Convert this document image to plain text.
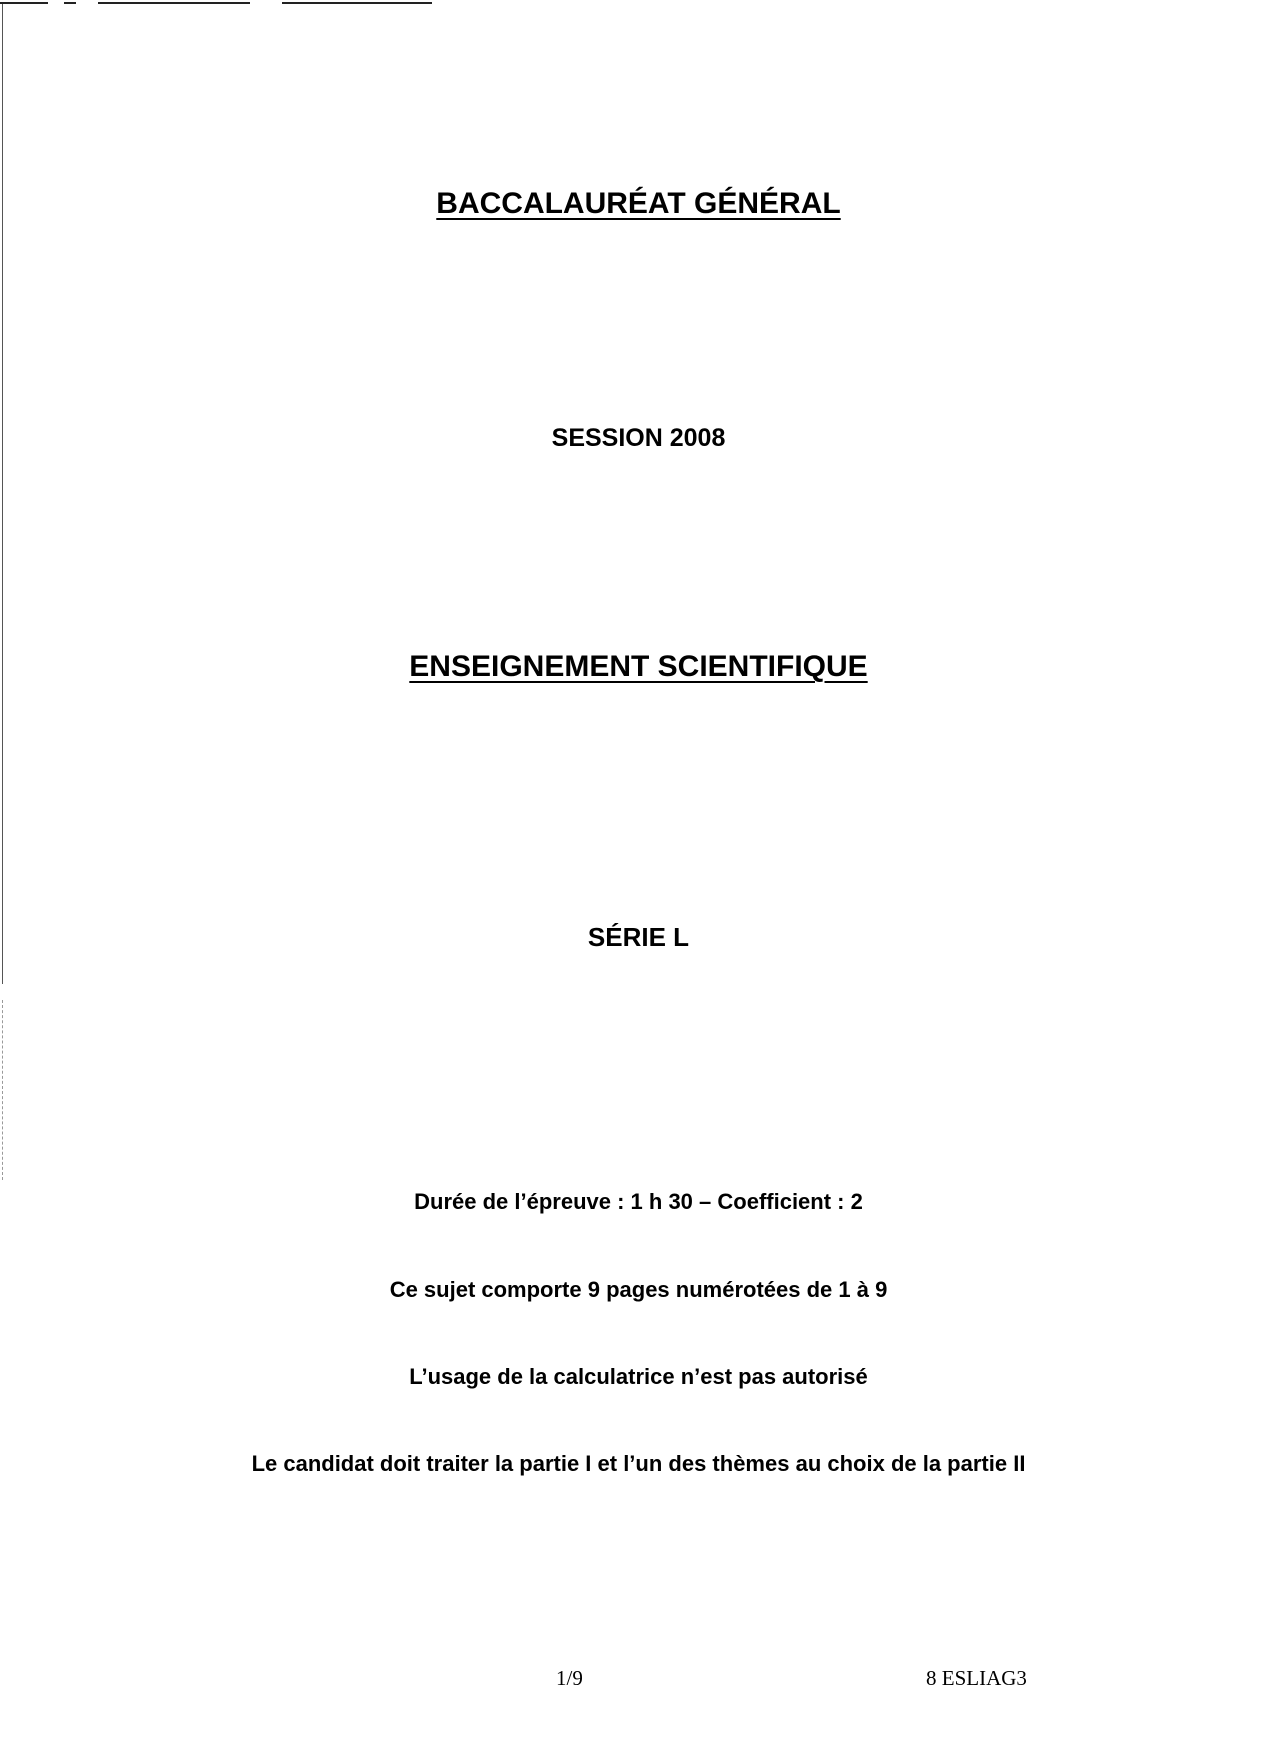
BACCALAURÉAT GÉNÉRAL
SESSION 2008
ENSEIGNEMENT SCIENTIFIQUE
SÉRIE L
Durée de l’épreuve : 1 h 30 – Coefficient : 2
Ce sujet comporte 9 pages numérotées de 1 à 9
L’usage de la calculatrice n’est pas autorisé
Le candidat doit traiter la partie I et l’un des thèmes au choix de la partie II
1/9	8 ESLIAG3
